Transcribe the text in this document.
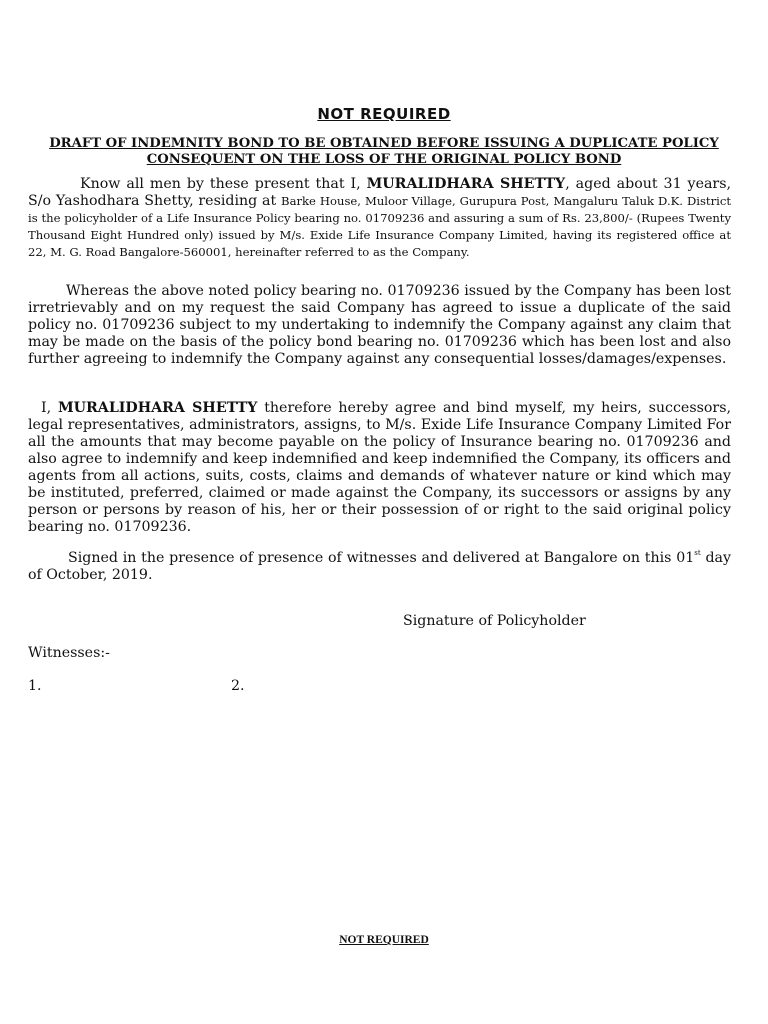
NOT REQUIRED
DRAFT OF INDEMNITY BOND TO BE OBTAINED BEFORE ISSUING A DUPLICATE POLICY
CONSEQUENT ON THE LOSS OF THE ORIGINAL POLICY BOND
Know all men by these present that I, MURALIDHARA SHETTY, aged about 31 years, S/o Yashodhara Shetty, residing at Barke House, Muloor Village, Gurupura Post, Mangaluru Taluk D.K. District is the policyholder of a Life Insurance Policy bearing no. 01709236 and assuring a sum of Rs. 23,800/- (Rupees Twenty Thousand Eight Hundred only) issued by M/s. Exide Life Insurance Company Limited, having its registered office at 22, M. G. Road Bangalore-560001, hereinafter referred to as the Company.
Whereas the above noted policy bearing no. 01709236 issued by the Company has been lost irretrievably and on my request the said Company has agreed to issue a duplicate of the said policy no. 01709236 subject to my undertaking to indemnify the Company against any claim that may be made on the basis of the policy bond bearing no. 01709236 which has been lost and also further agreeing to indemnify the Company against any consequential losses/damages/expenses.
I, MURALIDHARA SHETTY therefore hereby agree and bind myself, my heirs, successors, legal representatives, administrators, assigns, to M/s. Exide Life Insurance Company Limited For all the amounts that may become payable on the policy of Insurance bearing no. 01709236 and also agree to indemnify and keep indemnified and keep indemnified the Company, its officers and agents from all actions, suits, costs, claims and demands of whatever nature or kind which may be instituted, preferred, claimed or made against the Company, its successors or assigns by any person or persons by reason of his, her or their possession of or right to the said original policy bearing no. 01709236.
Signed in the presence of presence of witnesses and delivered at Bangalore on this 01st day of October, 2019.
Signature of Policyholder
Witnesses:-
1.	2.
NOT REQUIRED
